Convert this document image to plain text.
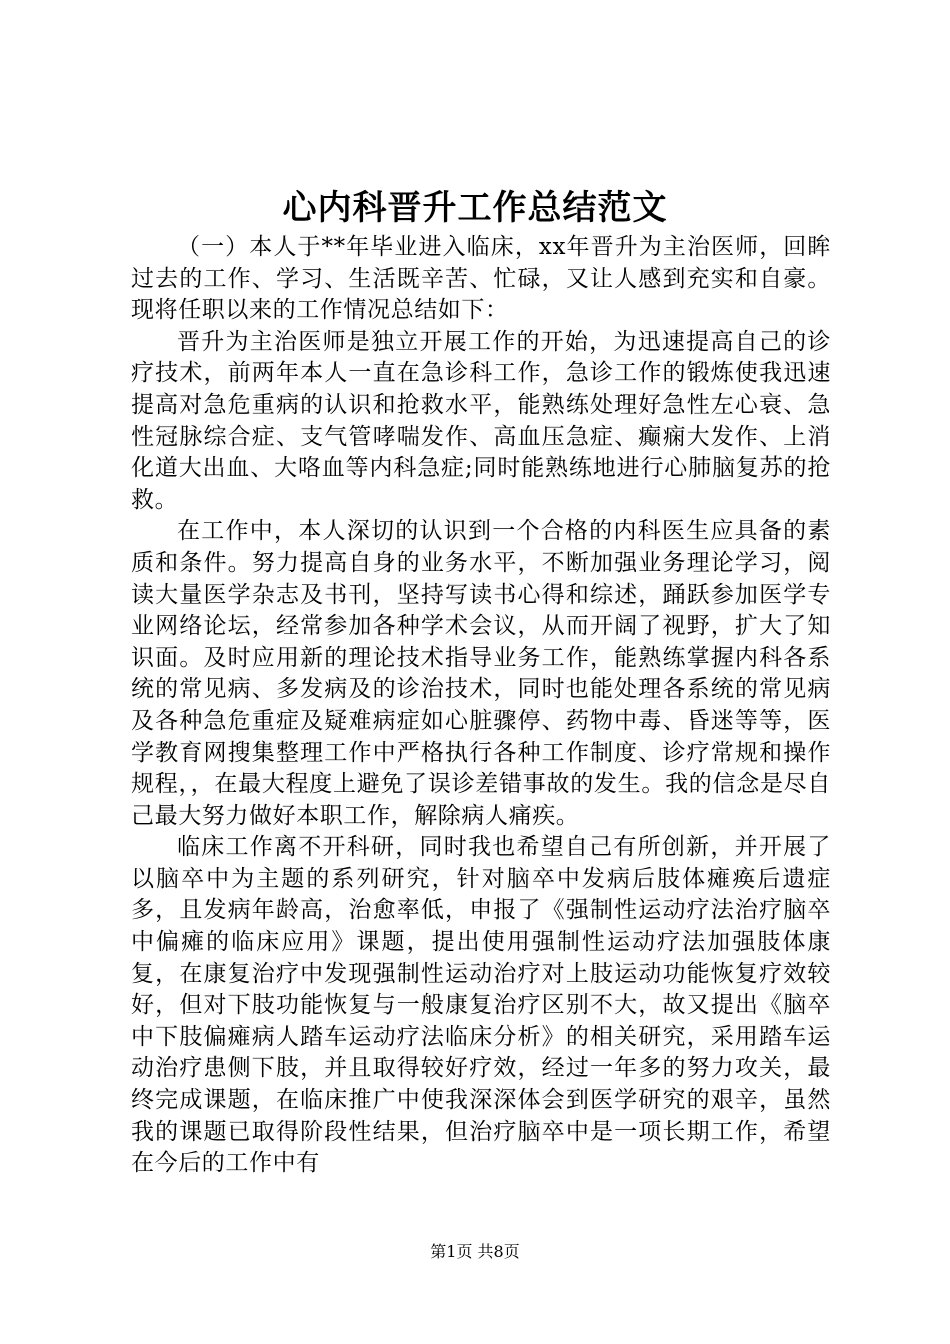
心内科晋升工作总结范文

（一）本人于**年毕业进入临床，xx年晋升为主治医师，回眸过去的工作、学习、生活既辛苦、忙碌，又让人感到充实和自豪。现将任职以来的工作情况总结如下：

晋升为主治医师是独立开展工作的开始，为迅速提高自己的诊疗技术，前两年本人一直在急诊科工作，急诊工作的锻炼使我迅速提高对急危重病的认识和抢救水平，能熟练处理好急性左心衰、急性冠脉综合症、支气管哮喘发作、高血压急症、癫痫大发作、上消化道大出血、大咯血等内科急症;同时能熟练地进行心肺脑复苏的抢救。

在工作中，本人深切的认识到一个合格的内科医生应具备的素质和条件。努力提高自身的业务水平，不断加强业务理论学习，阅读大量医学杂志及书刊，坚持写读书心得和综述，踊跃参加医学专业网络论坛，经常参加各种学术会议，从而开阔了视野，扩大了知识面。及时应用新的理论技术指导业务工作，能熟练掌握内科各系统的常见病、多发病及的诊治技术，同时也能处理各系统的常见病及各种急危重症及疑难病症如心脏骤停、药物中毒、昏迷等等，医学教育网搜集整理工作中严格执行各种工作制度、诊疗常规和操作规程，，在最大程度上避免了误诊差错事故的发生。我的信念是尽自己最大努力做好本职工作，解除病人痛疾。

临床工作离不开科研，同时我也希望自己有所创新，并开展了以脑卒中为主题的系列研究，针对脑卒中发病后肢体瘫痪后遗症多，且发病年龄高，治愈率低，申报了《强制性运动疗法治疗脑卒中偏瘫的临床应用》课题，提出使用强制性运动疗法加强肢体康复，在康复治疗中发现强制性运动治疗对上肢运动功能恢复疗效较好，但对下肢功能恢复与一般康复治疗区别不大，故又提出《脑卒中下肢偏瘫病人踏车运动疗法临床分析》的相关研究，采用踏车运动治疗患侧下肢，并且取得较好疗效，经过一年多的努力攻关，最终完成课题，在临床推广中使我深深体会到医学研究的艰辛，虽然我的课题已取得阶段性结果，但治疗脑卒中是一项长期工作，希望在今后的工作中有

第1页 共8页
